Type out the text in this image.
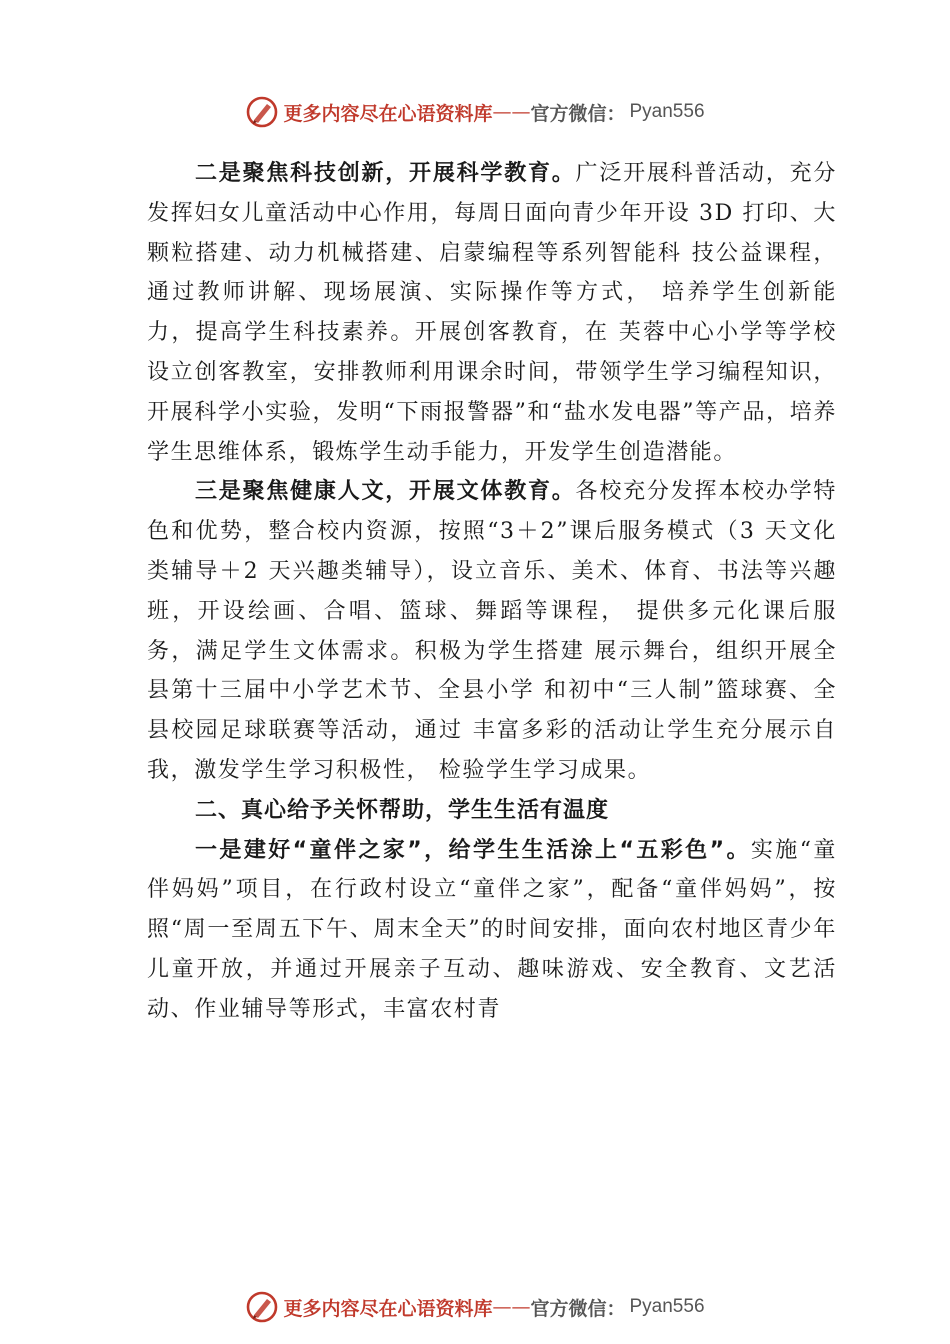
更多内容尽在心语资料库 —— 官方微信： Pyan556

二是聚焦科技创新，开展科学教育。广泛开展科普活动，充分发挥妇女儿童活动中心作用，每周日面向青少年开设 3D 打印、大颗粒搭建、动力机械搭建、启蒙编程等系列智能科 技公益课程，通过教师讲解、现场展演、实际操作等方式， 培养学生创新能力，提高学生科技素养。开展创客教育，在 芙蓉中心小学等学校设立创客教室，安排教师利用课余时间，带领学生学习编程知识，开展科学小实验，发明“下雨报警器”和“盐水发电器”等产品，培养学生思维体系，锻炼学生动手能力，开发学生创造潜能。

三是聚焦健康人文，开展文体教育。各校充分发挥本校办学特色和优势，整合校内资源，按照“3＋2”课后服务模式（3 天文化类辅导＋2 天兴趣类辅导），设立音乐、美术、体育、书法等兴趣班，开设绘画、合唱、篮球、舞蹈等课程， 提供多元化课后服务，满足学生文体需求。积极为学生搭建 展示舞台，组织开展全县第十三届中小学艺术节、全县小学 和初中“三人制”篮球赛、全县校园足球联赛等活动，通过 丰富多彩的活动让学生充分展示自我，激发学生学习积极性， 检验学生学习成果。

二、真心给予关怀帮助，学生生活有温度

一是建好“童伴之家”，给学生生活涂上“五彩色”。实施“童伴妈妈”项目，在行政村设立“童伴之家”，配备“童伴妈妈”，按照“周一至周五下午、周末全天”的时间安排，面向农村地区青少年儿童开放，并通过开展亲子互动、趣味游戏、安全教育、文艺活动、作业辅导等形式，丰富农村青

更多内容尽在心语资料库 —— 官方微信： Pyan556
